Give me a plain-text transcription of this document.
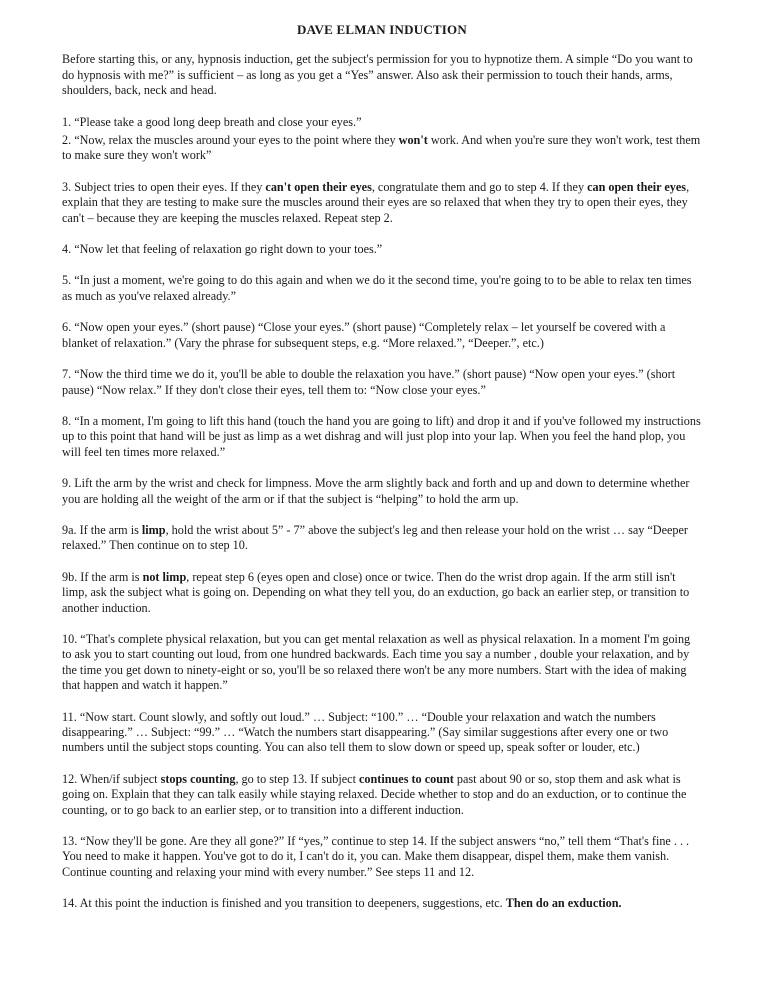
DAVE ELMAN INDUCTION

Before starting this, or any, hypnosis induction, get the subject's permission for you to hypnotize them. A simple “Do you want to do hypnosis with me?” is sufficient – as long as you get a “Yes” answer. Also ask their permission to touch their hands, arms, shoulders, back, neck and head.

1. “Please take a good long deep breath and close your eyes.”

2. “Now, relax the muscles around your eyes to the point where they won't work. And when you're sure they won't work, test them to make sure they won't work”

3. Subject tries to open their eyes. If they can't open their eyes, congratulate them and go to step 4. If they can open their eyes, explain that they are testing to make sure the muscles around their eyes are so relaxed that when they try to open their eyes, they can't – because they are keeping the muscles relaxed. Repeat step 2.

4. “Now let that feeling of relaxation go right down to your toes.”

5. “In just a moment, we're going to do this again and when we do it the second time, you're going to to be able to relax ten times as much as you've relaxed already.”

6. “Now open your eyes.” (short pause) “Close your eyes.” (short pause) “Completely relax – let yourself be covered with a blanket of relaxation.” (Vary the phrase for subsequent steps, e.g. “More relaxed.”, “Deeper.”, etc.)

7. “Now the third time we do it, you'll be able to double the relaxation you have.” (short pause) “Now open your eyes.” (short pause) “Now relax.” If they don't close their eyes, tell them to: “Now close your eyes.”

8. “In a moment, I'm going to lift this hand (touch the hand you are going to lift) and drop it and if you've followed my instructions up to this point that hand will be just as limp as a wet dishrag and will just plop into your lap. When you feel the hand plop, you will feel ten times more relaxed.”

9. Lift the arm by the wrist and check for limpness. Move the arm slightly back and forth and up and down to determine whether you are holding all the weight of the arm or if that the subject is “helping” to hold the arm up.

9a. If the arm is limp, hold the wrist about 5” - 7” above the subject's leg and then release your hold on the wrist … say “Deeper relaxed.” Then continue on to step 10.

9b. If the arm is not limp, repeat step 6 (eyes open and close) once or twice. Then do the wrist drop again. If the arm still isn't limp, ask the subject what is going on. Depending on what they tell you, do an exduction, go back an earlier step, or transition to another induction.

10. “That's complete physical relaxation, but you can get mental relaxation as well as physical relaxation. In a moment I'm going to ask you to start counting out loud, from one hundred backwards. Each time you say a number , double your relaxation, and by the time you get down to ninety-eight or so, you'll be so relaxed there won't be any more numbers. Start with the idea of making that happen and watch it happen.”

11. “Now start. Count slowly, and softly out loud.” … Subject: “100.” … “Double your relaxation and watch the numbers disappearing.” … Subject: “99.” … “Watch the numbers start disappearing.” (Say similar suggestions after every one or two numbers until the subject stops counting. You can also tell them to slow down or speed up, speak softer or louder, etc.)

12. When/if subject stops counting, go to step 13. If subject continues to count past about 90 or so, stop them and ask what is going on. Explain that they can talk easily while staying relaxed. Decide whether to stop and do an exduction, or to continue the counting, or to go back to an earlier step, or to transition into a different induction.

13. “Now they'll be gone. Are they all gone?” If “yes,” continue to step 14. If the subject answers “no,” tell them “That's fine . . . You need to make it happen. You've got to do it, I can't do it, you can. Make them disappear, dispel them, make them vanish. Continue counting and relaxing your mind with every number.” See steps 11 and 12.

14. At this point the induction is finished and you transition to deepeners, suggestions, etc. Then do an exduction.
